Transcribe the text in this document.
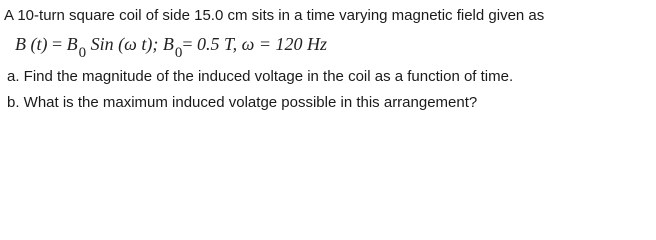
A 10-turn square coil of side 15.0 cm sits in a time varying magnetic field given as
B $(t) = B_0$ Sin (ω t); $B_0= 0.5$ T, ω = 120 Hz
a. Find the magnitude of the induced voltage in the coil as a function of time.
b. What is the maximum induced volatge possible in this arrangement?
